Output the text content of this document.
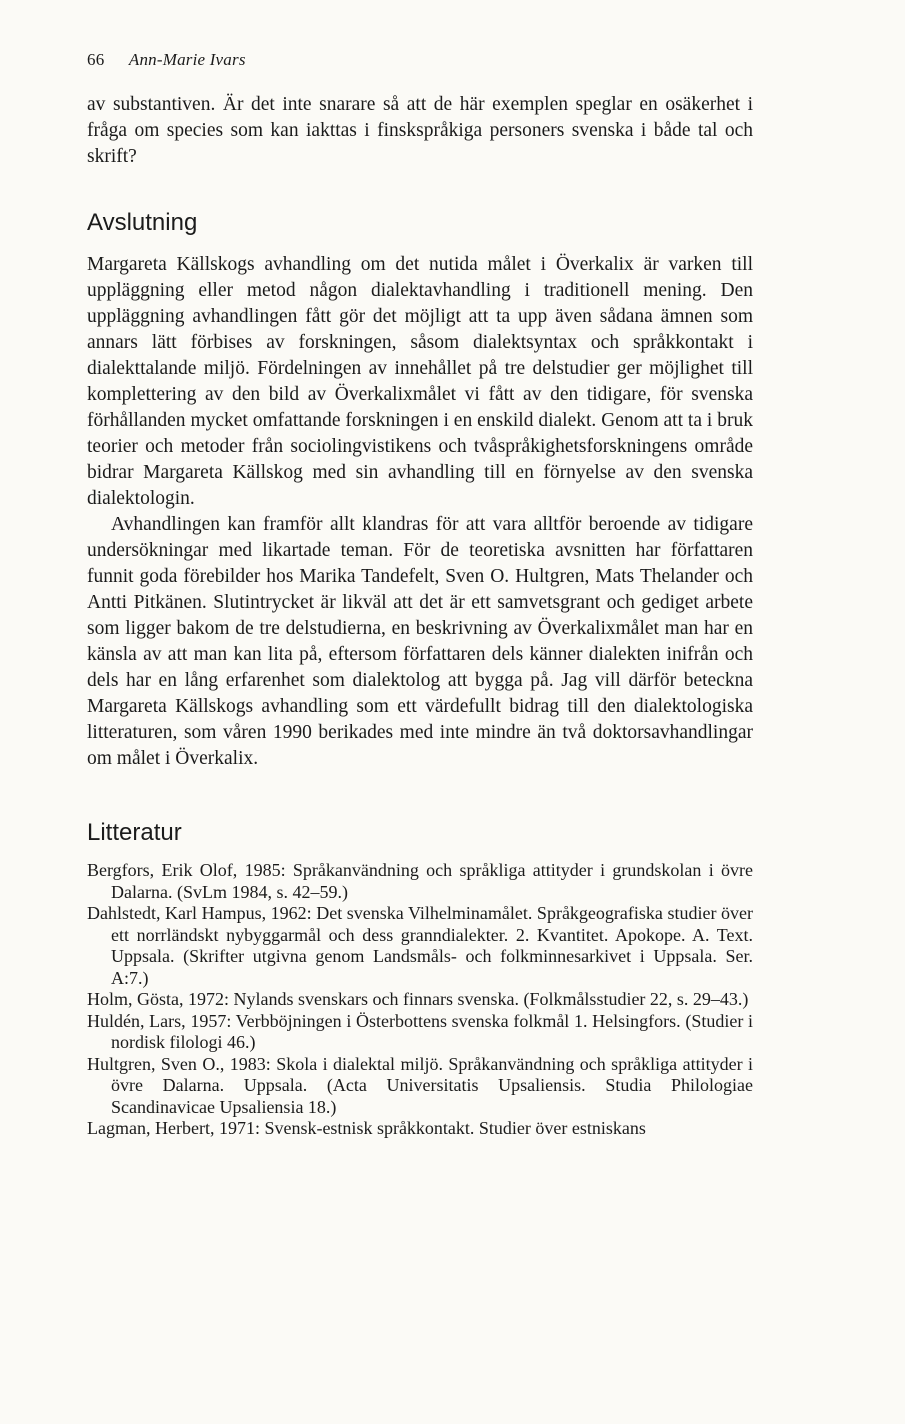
66 Ann-Marie Ivars

av substantiven. Är det inte snarare så att de här exemplen speglar en osäkerhet i fråga om species som kan iakttas i finskspråkiga personers svenska i både tal och skrift?

Avslutning

Margareta Källskogs avhandling om det nutida målet i Överkalix är varken till uppläggning eller metod någon dialektavhandling i traditionell mening. Den uppläggning avhandlingen fått gör det möjligt att ta upp även sådana ämnen som annars lätt förbises av forskningen, såsom dialektsyntax och språkkontakt i dialekttalande miljö. Fördelningen av innehållet på tre delstudier ger möjlighet till komplettering av den bild av Överkalixmålet vi fått av den tidigare, för svenska förhållanden mycket omfattande forskningen i en enskild dialekt. Genom att ta i bruk teorier och metoder från sociolingvistikens och tvåspråkighetsforskningens område bidrar Margareta Källskog med sin avhandling till en förnyelse av den svenska dialektologin.

Avhandlingen kan framför allt klandras för att vara alltför beroende av tidigare undersökningar med likartade teman. För de teoretiska avsnitten har författaren funnit goda förebilder hos Marika Tandefelt, Sven O. Hultgren, Mats Thelander och Antti Pitkänen. Slutintrycket är likväl att det är ett samvetsgrant och gediget arbete som ligger bakom de tre delstudierna, en beskrivning av Överkalixmålet man har en känsla av att man kan lita på, eftersom författaren dels känner dialekten inifrån och dels har en lång erfarenhet som dialektolog att bygga på. Jag vill därför beteckna Margareta Källskogs avhandling som ett värdefullt bidrag till den dialektologiska litteraturen, som våren 1990 berikades med inte mindre än två doktorsavhandlingar om målet i Överkalix.

Litteratur
Bergfors, Erik Olof, 1985: Språkanvändning och språkliga attityder i grundskolan i övre Dalarna. (SvLm 1984, s. 42–59.)
Dahlstedt, Karl Hampus, 1962: Det svenska Vilhelminamålet. Språkgeografiska studier över ett norrländskt nybyggarmål och dess granndialekter. 2. Kvantitet. Apokope. A. Text. Uppsala. (Skrifter utgivna genom Landsmåls- och folkminnesarkivet i Uppsala. Ser. A:7.)
Holm, Gösta, 1972: Nylands svenskars och finnars svenska. (Folkmålsstudier 22, s. 29–43.)
Huldén, Lars, 1957: Verbböjningen i Österbottens svenska folkmål 1. Helsingfors. (Studier i nordisk filologi 46.)
Hultgren, Sven O., 1983: Skola i dialektal miljö. Språkanvändning och språkliga attityder i övre Dalarna. Uppsala. (Acta Universitatis Upsaliensis. Studia Philologiae Scandinavicae Upsaliensia 18.)
Lagman, Herbert, 1971: Svensk-estnisk språkkontakt. Studier över estniskans
